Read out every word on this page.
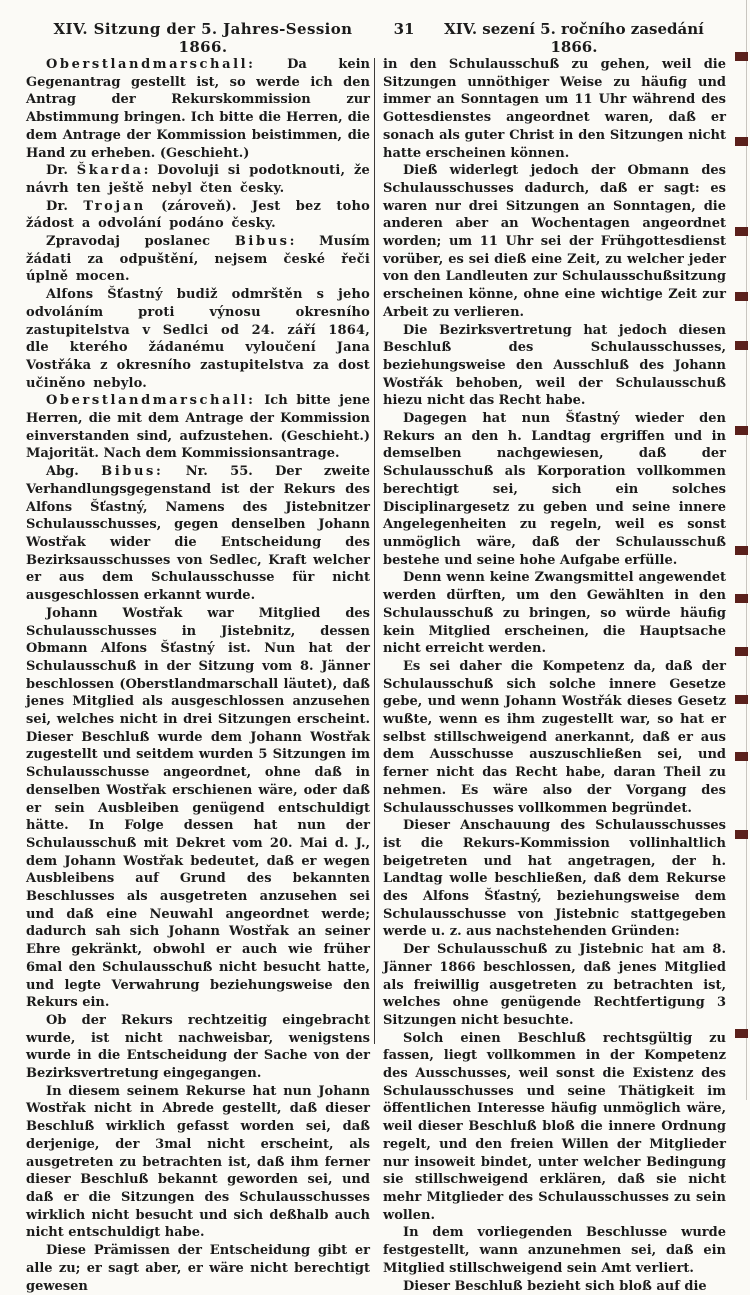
XIV. Sitzung der 5. Jahres-Session 1866.
31	XIV. sezení 5. ročního zasedání 1866.

Oberstlandmarschall: Da kein Gegenantrag gestellt ist, so werde ich den Antrag der Rekurskommission zur Abstimmung bringen. Ich bitte die Herren, die dem Antrage der Kommission beistimmen, die Hand zu erheben. (Geschieht.)

Dr. Škarda: Dovoluji si podotknouti, že návrh ten ještě nebyl čten česky.

Dr. Trojan (zároveň). Jest bez toho žádost a odvolání podáno česky.

Zpravodaj poslanec Bibus: Musím žádati za odpuštění, nejsem české řeči úplně mocen.

Alfons Šťastný budiž odmrštěn s jeho odvoláním proti výnosu okresního zastupitelstva v Sedlci od 24. září 1864, dle kterého žádanému vyloučení Jana Vostřáka z okresního zastupitelstva za dost učiněno nebylo.

Oberstlandmarschall: Ich bitte jene Herren, die mit dem Antrage der Kommission einverstanden sind, aufzustehen. (Geschieht.) Majorität. Nach dem Kommissionsantrage.

Abg. Bibus: Nr. 55. Der zweite Verhandlungsgegenstand ist der Rekurs des Alfons Šťastný, Namens des Jistebnitzer Schulausschusses, gegen denselben Johann Wostřak wider die Entscheidung des Bezirksausschusses von Sedlec, Kraft welcher er aus dem Schulausschusse für nicht ausgeschlossen erkannt wurde.

Johann Wostřak war Mitglied des Schulausschusses in Jistebnitz, dessen Obmann Alfons Šťastný ist. Nun hat der Schulausschuß in der Sitzung vom 8. Jänner beschlossen (Oberstlandmarschall läutet), daß jenes Mitglied als ausgeschlossen anzusehen sei, welches nicht in drei Sitzungen erscheint. Dieser Beschluß wurde dem Johann Wostřak zugestellt und seitdem wurden 5 Sitzungen im Schulausschusse angeordnet, ohne daß in denselben Wostřak erschienen wäre, oder daß er sein Ausbleiben genügend entschuldigt hätte. In Folge dessen hat nun der Schulausschuß mit Dekret vom 20. Mai d. J., dem Johann Wostřak bedeutet, daß er wegen Ausbleibens auf Grund des bekannten Beschlusses als ausgetreten anzusehen sei und daß eine Neuwahl angeordnet werde; dadurch sah sich Johann Wostřak an seiner Ehre gekränkt, obwohl er auch wie früher 6mal den Schulausschuß nicht besucht hatte, und legte Verwahrung beziehungsweise den Rekurs ein.

Ob der Rekurs rechtzeitig eingebracht wurde, ist nicht nachweisbar, wenigstens wurde in die Entscheidung der Sache von der Bezirksvertretung eingegangen.

In diesem seinem Rekurse hat nun Johann Wostřak nicht in Abrede gestellt, daß dieser Beschluß wirklich gefasst worden sei, daß derjenige, der 3mal nicht erscheint, als ausgetreten zu betrachten ist, daß ihm ferner dieser Beschluß bekannt geworden sei, und daß er die Sitzungen des Schulausschusses wirklich nicht besucht und sich deßhalb auch nicht entschuldigt habe.

Diese Prämissen der Entscheidung gibt er alle zu; er sagt aber, er wäre nicht berechtigt gewesen

in den Schulausschuß zu gehen, weil die Sitzungen unnöthiger Weise zu häufig und immer an Sonntagen um 11 Uhr während des Gottesdienstes angeordnet waren, daß er sonach als guter Christ in den Sitzungen nicht hatte erscheinen können.

Dieß widerlegt jedoch der Obmann des Schulausschusses dadurch, daß er sagt: es waren nur drei Sitzungen an Sonntagen, die anderen aber an Wochentagen angeordnet worden; um 11 Uhr sei der Frühgottesdienst vorüber, es sei dieß eine Zeit, zu welcher jeder von den Landleuten zur Schulausschußsitzung erscheinen könne, ohne eine wichtige Zeit zur Arbeit zu verlieren.

Die Bezirksvertretung hat jedoch diesen Beschluß des Schulausschusses, beziehungsweise den Ausschluß des Johann Wostřák behoben, weil der Schulausschuß hiezu nicht das Recht habe.

Dagegen hat nun Šťastný wieder den Rekurs an den h. Landtag ergriffen und in demselben nachgewiesen, daß der Schulausschuß als Korporation vollkommen berechtigt sei, sich ein solches Disciplinargesetz zu geben und seine innere Angelegenheiten zu regeln, weil es sonst unmöglich wäre, daß der Schulausschuß bestehe und seine hohe Aufgabe erfülle.

Denn wenn keine Zwangsmittel angewendet werden dürften, um den Gewählten in den Schulausschuß zu bringen, so würde häufig kein Mitglied erscheinen, die Hauptsache nicht erreicht werden.

Es sei daher die Kompetenz da, daß der Schulausschuß sich solche innere Gesetze gebe, und wenn Johann Wostřák dieses Gesetz wußte, wenn es ihm zugestellt war, so hat er selbst stillschweigend anerkannt, daß er aus dem Ausschusse auszuschließen sei, und ferner nicht das Recht habe, daran Theil zu nehmen. Es wäre also der Vorgang des Schulausschusses vollkommen begründet.

Dieser Anschauung des Schulausschusses ist die Rekurs-Kommission vollinhaltlich beigetreten und hat angetragen, der h. Landtag wolle beschließen, daß dem Rekurse des Alfons Šťastný, beziehungsweise dem Schulausschusse von Jistebnic stattgegeben werde u. z. aus nachstehenden Gründen:

Der Schulausschuß zu Jistebnic hat am 8. Jänner 1866 beschlossen, daß jenes Mitglied als freiwillig ausgetreten zu betrachten ist, welches ohne genügende Rechtfertigung 3 Sitzungen nicht besuchte.

Solch einen Beschluß rechtsgültig zu fassen, liegt vollkommen in der Kompetenz des Ausschusses, weil sonst die Existenz des Schulausschusses und seine Thätigkeit im öffentlichen Interesse häufig unmöglich wäre, weil dieser Beschluß bloß die innere Ordnung regelt, und den freien Willen der Mitglieder nur insoweit bindet, unter welcher Bedingung sie stillschweigend erklären, daß sie nicht mehr Mitglieder des Schulausschusses zu sein wollen.

In dem vorliegenden Beschlusse wurde festgestellt, wann anzunehmen sei, daß ein Mitglied stillschweigend sein Amt verliert.

Dieser Beschluß bezieht sich bloß auf die
